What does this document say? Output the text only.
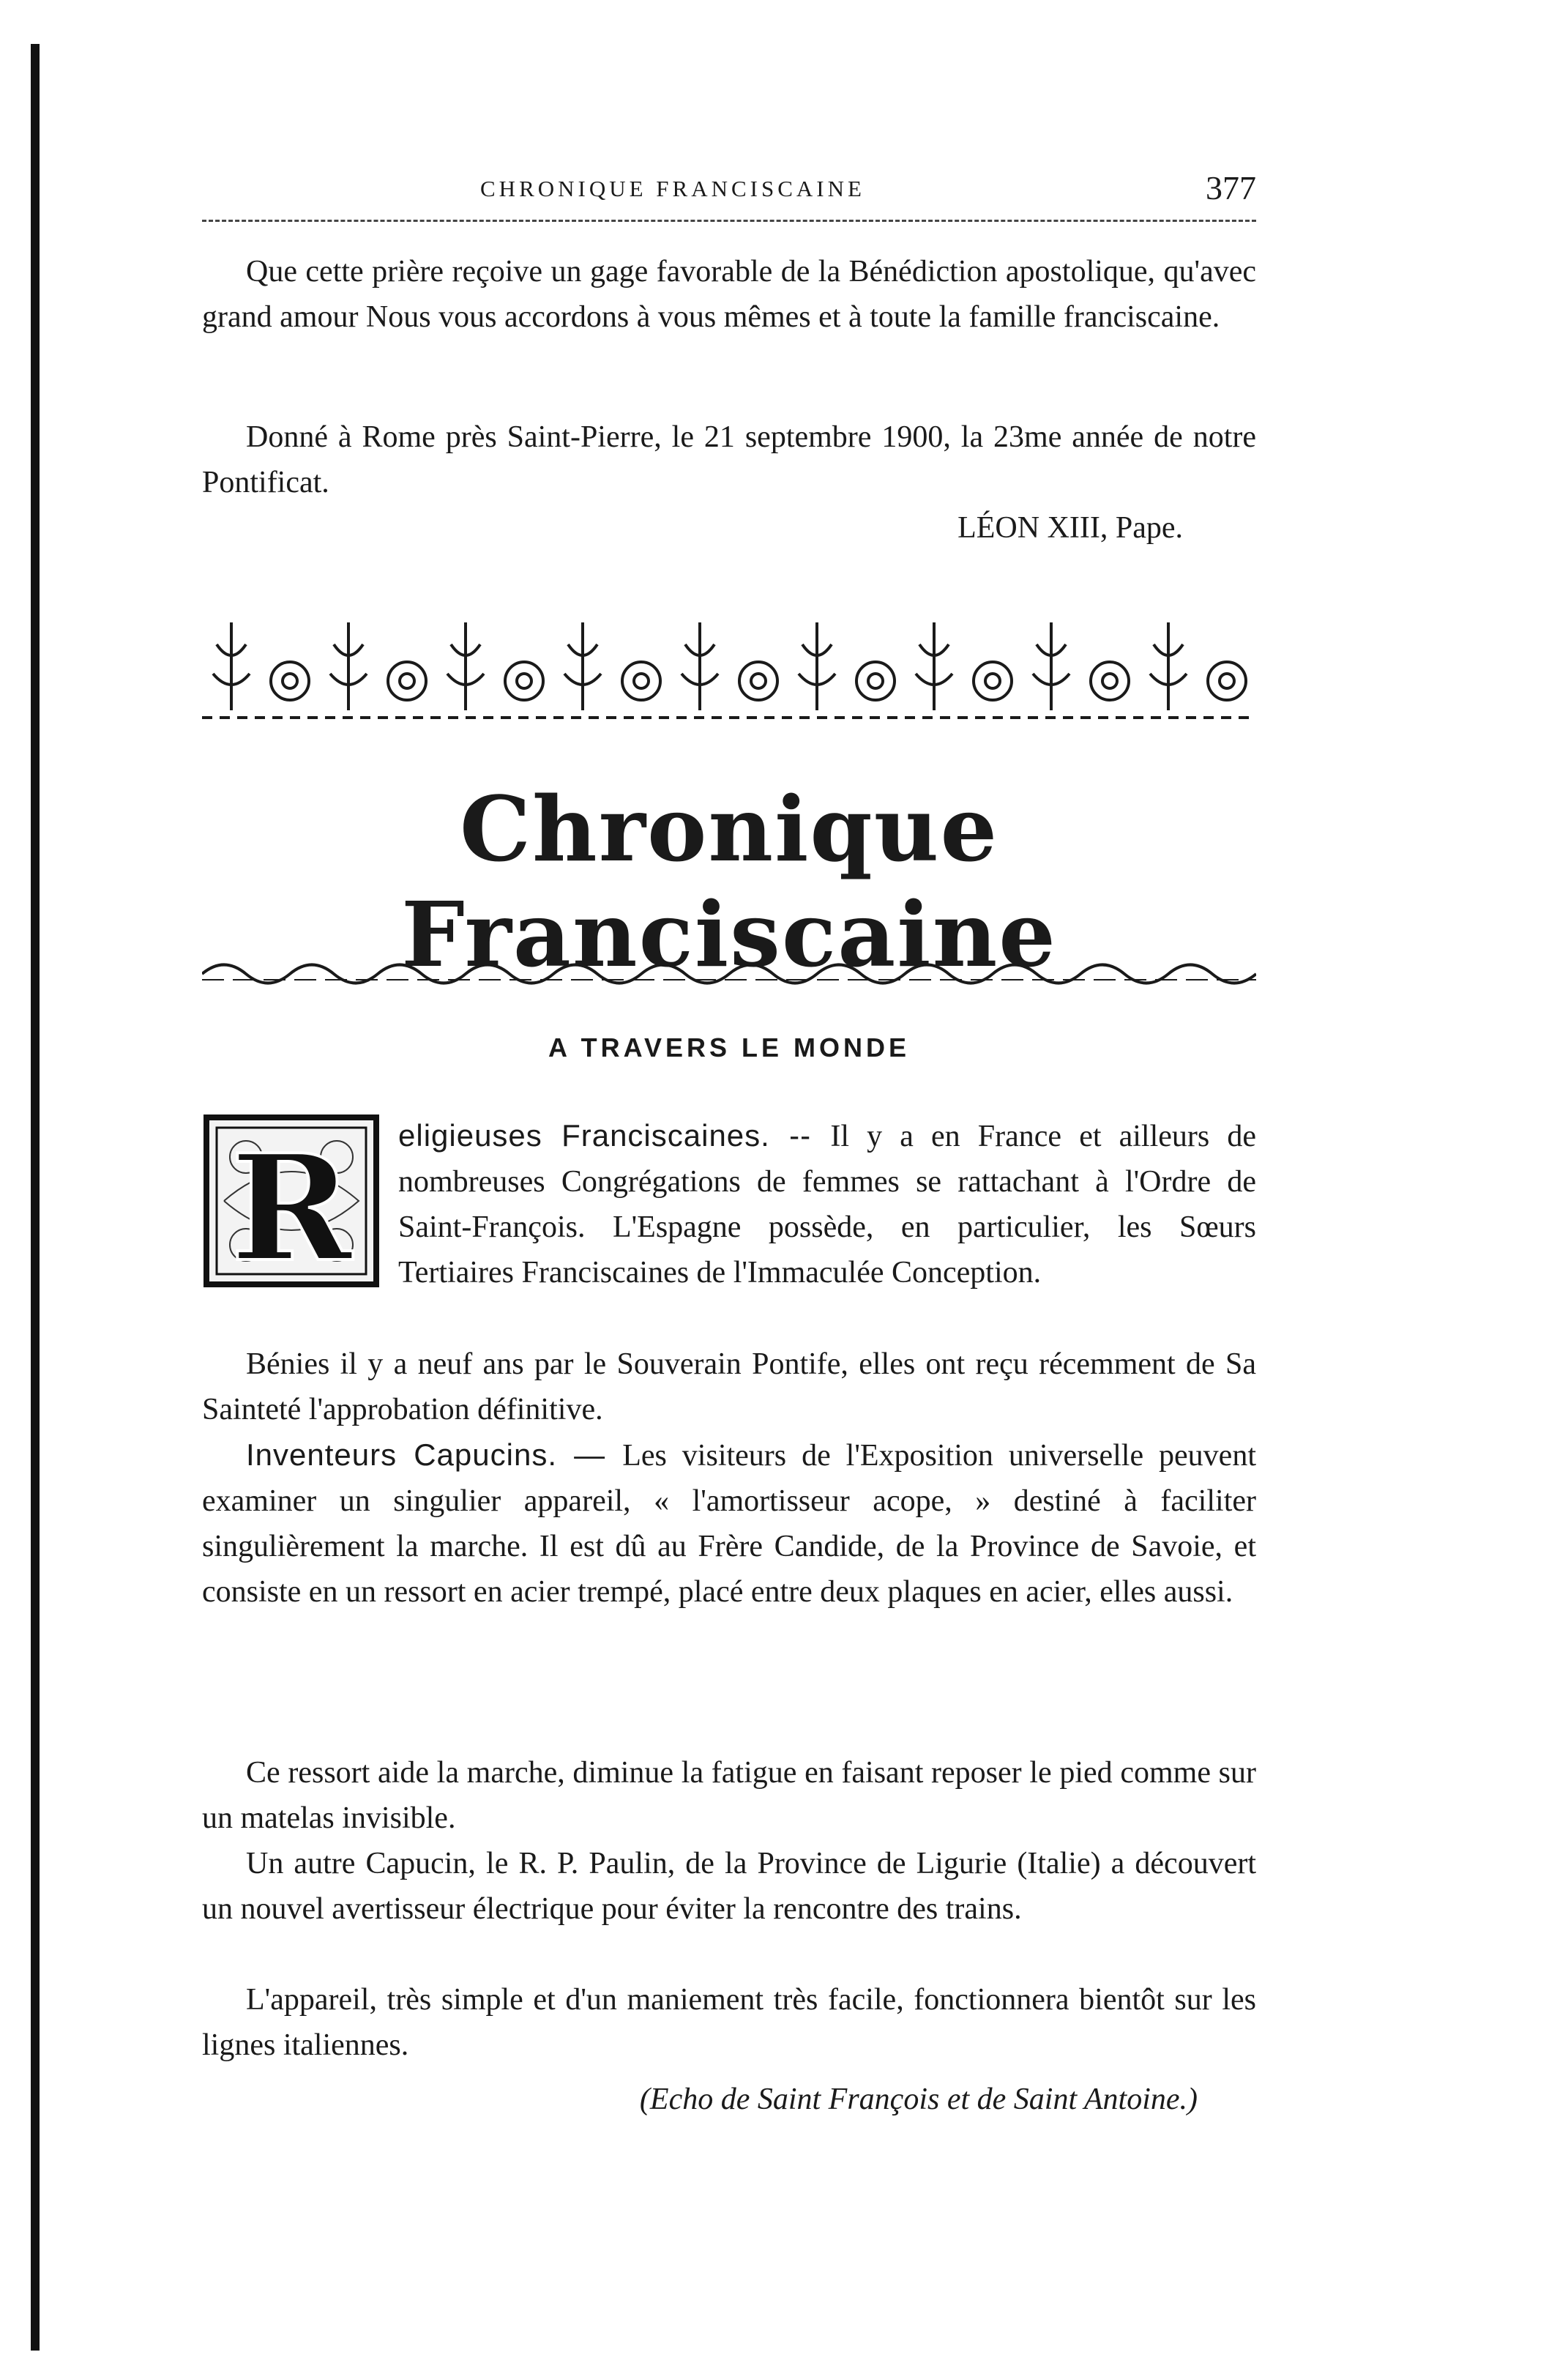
CHRONIQUE FRANCISCAINE	377

Que cette prière reçoive un gage favorable de la Bénédiction apostolique, qu'avec grand amour Nous vous accordons à vous mêmes et à toute la famille franciscaine.

Donné à Rome près Saint-Pierre, le 21 septembre 1900, la 23me année de notre Pontificat.

LÉON XIII, Pape.

Chronique Franciscaine
A TRAVERS LE MONDE
R eligieuses Franciscaines. -- Il y a en France et ailleurs de nombreuses Congrégations de femmes se rattachant à l'Ordre de Saint-François. L'Espagne possède, en particulier, les Sœurs Tertiaires Franciscaines de l'Immaculée Conception.

Bénies il y a neuf ans par le Souverain Pontife, elles ont reçu récemment de Sa Sainteté l'approbation définitive.

Inventeurs Capucins. — Les visiteurs de l'Exposition universelle peuvent examiner un singulier appareil, « l'amortisseur acope, » destiné à faciliter singulièrement la marche. Il est dû au Frère Candide, de la Province de Savoie, et consiste en un ressort en acier trempé, placé entre deux plaques en acier, elles aussi.

Ce ressort aide la marche, diminue la fatigue en faisant reposer le pied comme sur un matelas invisible.

Un autre Capucin, le R. P. Paulin, de la Province de Ligurie (Italie) a découvert un nouvel avertisseur électrique pour éviter la rencontre des trains.

L'appareil, très simple et d'un maniement très facile, fonctionnera bientôt sur les lignes italiennes.

(Echo de Saint François et de Saint Antoine.)
